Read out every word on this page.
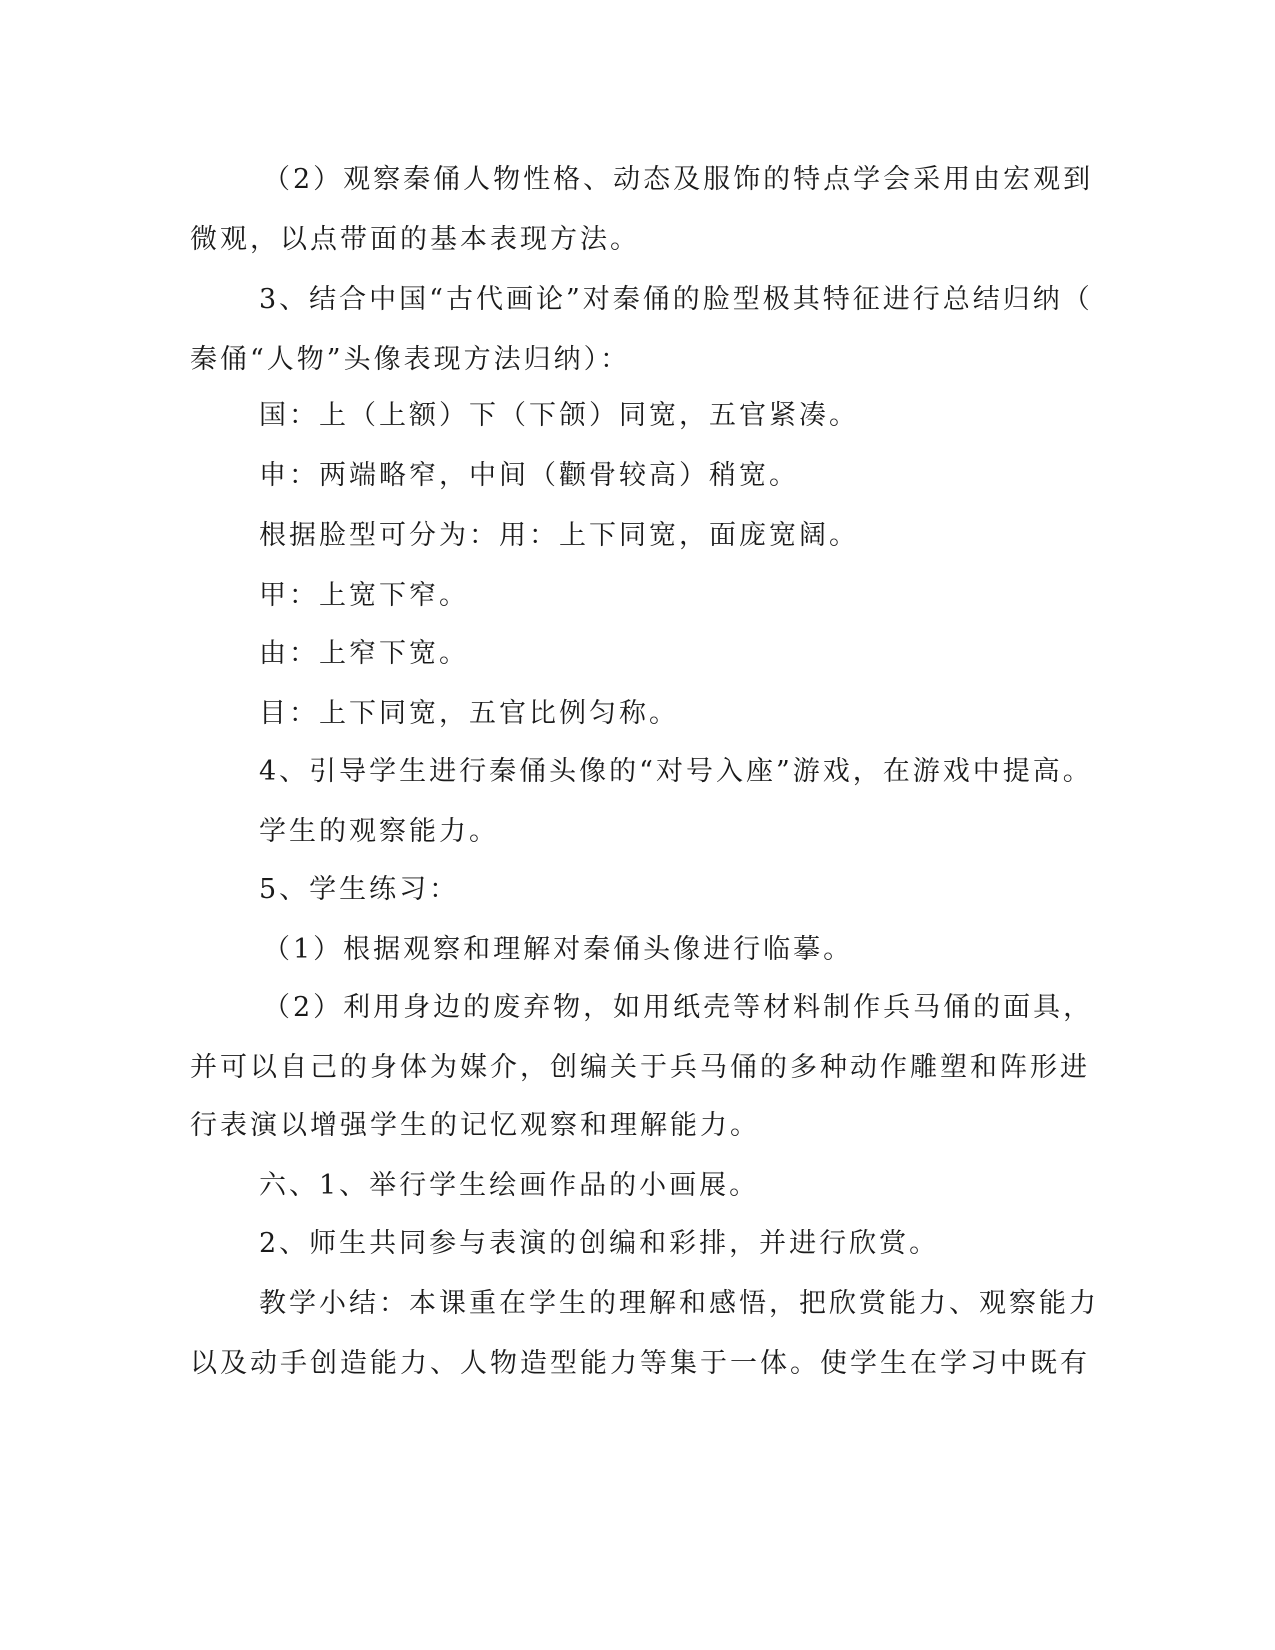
（2）观察秦俑人物性格、动态及服饰的特点学会采用由宏观到

微观，以点带面的基本表现方法。

3、结合中国“古代画论”对秦俑的脸型极其特征进行总结归纳（

秦俑“人物”头像表现方法归纳）：

国：上（上额）下（下颌）同宽，五官紧凑。

申：两端略窄，中间（颧骨较高）稍宽。

根据脸型可分为：用：上下同宽，面庞宽阔。

甲：上宽下窄。

由：上窄下宽。

目：上下同宽，五官比例匀称。

4、引导学生进行秦俑头像的“对号入座”游戏，在游戏中提高。

学生的观察能力。

5、学生练习：

（1）根据观察和理解对秦俑头像进行临摹。

（2）利用身边的废弃物，如用纸壳等材料制作兵马俑的面具，

并可以自己的身体为媒介，创编关于兵马俑的多种动作雕塑和阵形进

行表演以增强学生的记忆观察和理解能力。

六、1、举行学生绘画作品的小画展。

2、师生共同参与表演的创编和彩排，并进行欣赏。

教学小结：本课重在学生的理解和感悟，把欣赏能力、观察能力

以及动手创造能力、人物造型能力等集于一体。使学生在学习中既有
